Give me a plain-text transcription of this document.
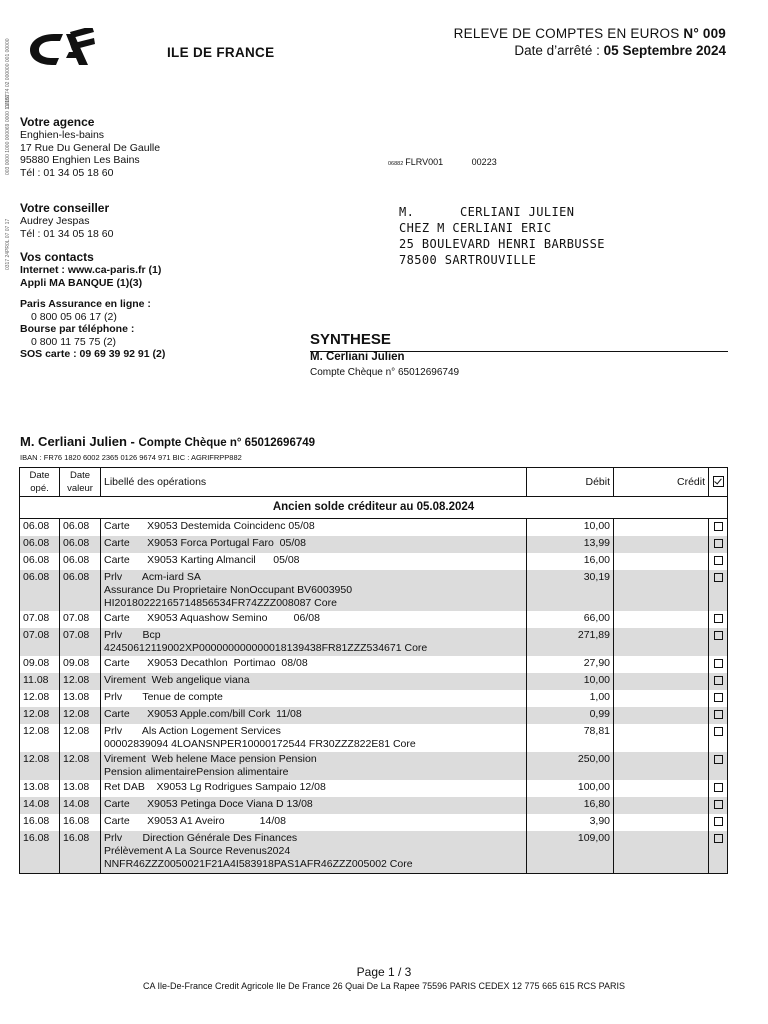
ILE DE FRANCE
RELEVE DE COMPTES EN EUROS N° 009
Date d’arrêté : 05 Septembre 2024
003 0000 1000 000069 0000 11/101
0015774 02 000000 001 00000
0317 24PR0L 07 07 17
Votre agence
Enghien-les-bains
17 Rue Du General De Gaulle
95880 Enghien Les Bains
Tél : 01 34 05 18 60
Votre conseiller
Audrey Jespas
Tél : 01 34 05 18 60
Vos contacts
Internet : www.ca-paris.fr (1)
Appli MA BANQUE (1)(3)
Paris Assurance en ligne :
0 800 05 06 17 (2)
Bourse par téléphone :
0 800 11 75 75 (2)
SOS carte : 09 69 39 92 91 (2)
06882 FLRV001	00223
M.      CERLIANI JULIEN
CHEZ M CERLIANI ERIC
25 BOULEVARD HENRI BARBUSSE
78500 SARTROUVILLE
SYNTHESE
M. Cerliani Julien
Compte Chèque n° 65012696749
M. Cerliani Julien - Compte Chèque n° 65012696749
IBAN : FR76 1820 6002 2365 0126 9674 971 BIC : AGRIFRPP882
Date opé.	Date valeur	Libellé des opérations	Débit	Crédit	
Ancien solde créditeur au 05.08.2024					
06.08	06.08	Carte      X9053 Destemida Coincidenc 05/08	10,00		
06.08	06.08	Carte      X9053 Forca Portugal Faro  05/08	13,99		
06.08	06.08	Carte      X9053 Karting Almancil      05/08	16,00		
06.08	06.08	Prlv       Acm-iard SA
Assurance Du Proprietaire NonOccupant BV6003950
HI20180222165714856534FR74ZZZ008087 Core	30,19		
07.08	07.08	Carte      X9053 Aquashow Semino         06/08	66,00		
07.08	07.08	Prlv       Bcp
42450612119002XP000000000000018139438FR81ZZZ534671 Core	271,89		
09.08	09.08	Carte      X9053 Decathlon  Portimao  08/08	27,90		
11.08	12.08	Virement  Web angelique viana	10,00		
12.08	13.08	Prlv       Tenue de compte	1,00		
12.08	12.08	Carte      X9053 Apple.com/bill Cork  11/08	0,99		
12.08	12.08	Prlv       Als Action Logement Services
00002839094 4LOANSNPER10000172544 FR30ZZZ822E81 Core	78,81		
12.08	12.08	Virement  Web helene Mace pension Pension
Pension alimentairePension alimentaire	250,00		
13.08	13.08	Ret DAB    X9053 Lg Rodrigues Sampaio 12/08	100,00		
14.08	14.08	Carte      X9053 Petinga Doce Viana D 13/08	16,80		
16.08	16.08	Carte      X9053 A1 Aveiro            14/08	3,90		
16.08	16.08	Prlv       Direction Générale Des Finances
Prélèvement A La Source Revenus2024
NNFR46ZZZ0050021F21A4I583918PAS1AFR46ZZZ005002 Core	109,00		
Page 1 / 3
CA Ile-De-France Credit Agricole Ile De France 26 Quai De La Rapee 75596 PARIS CEDEX 12 775 665 615 RCS PARIS
